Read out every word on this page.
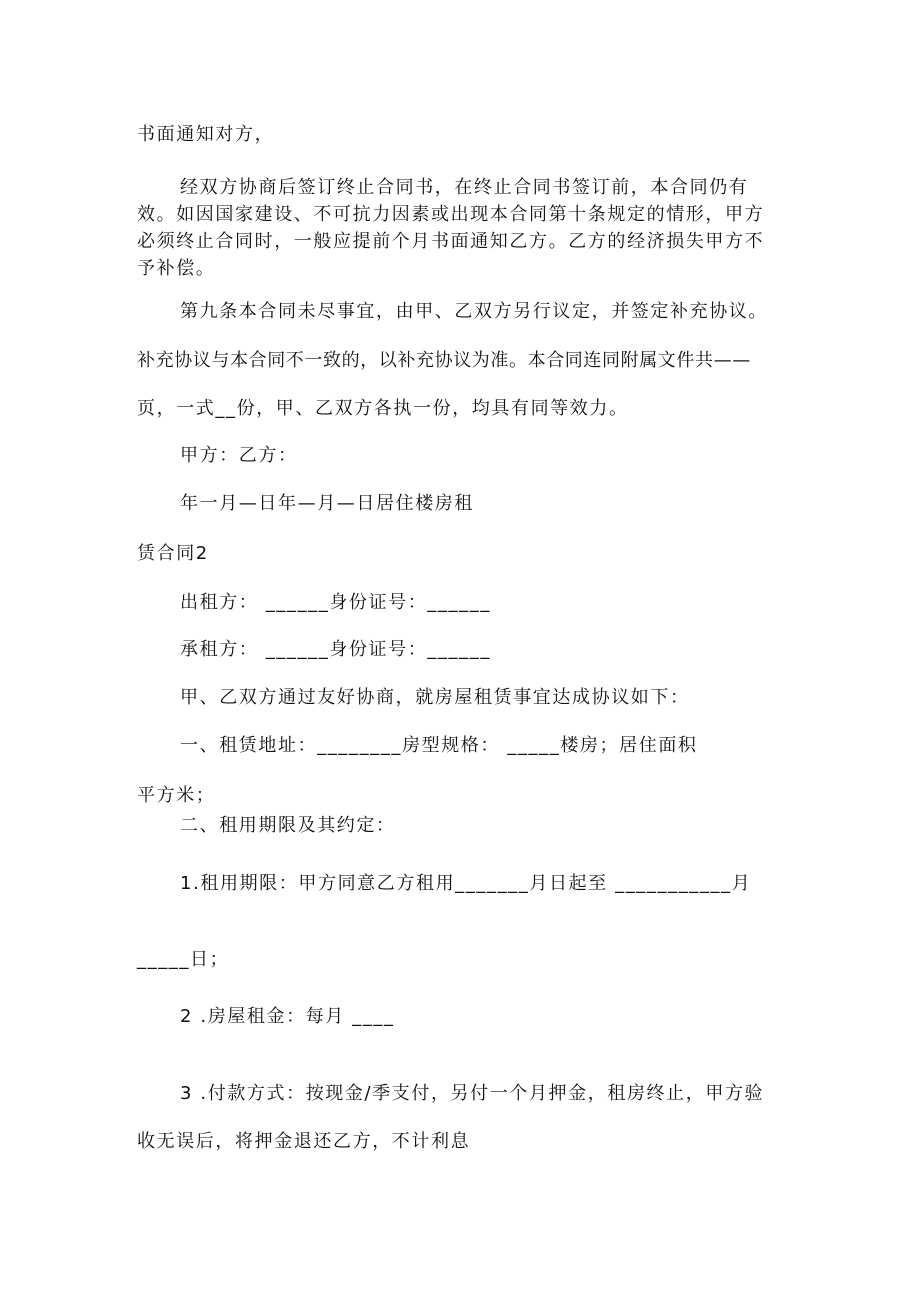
书面通知对方，
经双方协商后签订终止合同书，在终止合同书签订前，本合同仍有
效。如因国家建设、不可抗力因素或出现本合同第十条规定的情形，甲方
必须终止合同时，一般应提前个月书面通知乙方。乙方的经济损失甲方不
予补偿。
第九条本合同未尽事宜，由甲、乙双方另行议定，并签定补充协议。
补充协议与本合同不一致的，以补充协议为准。本合同连同附属文件共——
页，一式__份，甲、乙双方各执一份，均具有同等效力。
甲方：乙方：
年一月—日年—月—日居住楼房租
赁合同2
出租方： ______身份证号：______
承租方： ______身份证号：______
甲、乙双方通过友好协商，就房屋租赁事宜达成协议如下：
一、租赁地址：________房型规格： _____楼房；居住面积
平方米；
二、租用期限及其约定：
1.租用期限：甲方同意乙方租用_______月日起至 ___________月
_____日；
2 .房屋租金：每月 ____
3 .付款方式：按现金/季支付，另付一个月押金，租房终止，甲方验
收无误后，将押金退还乙方，不计利息
